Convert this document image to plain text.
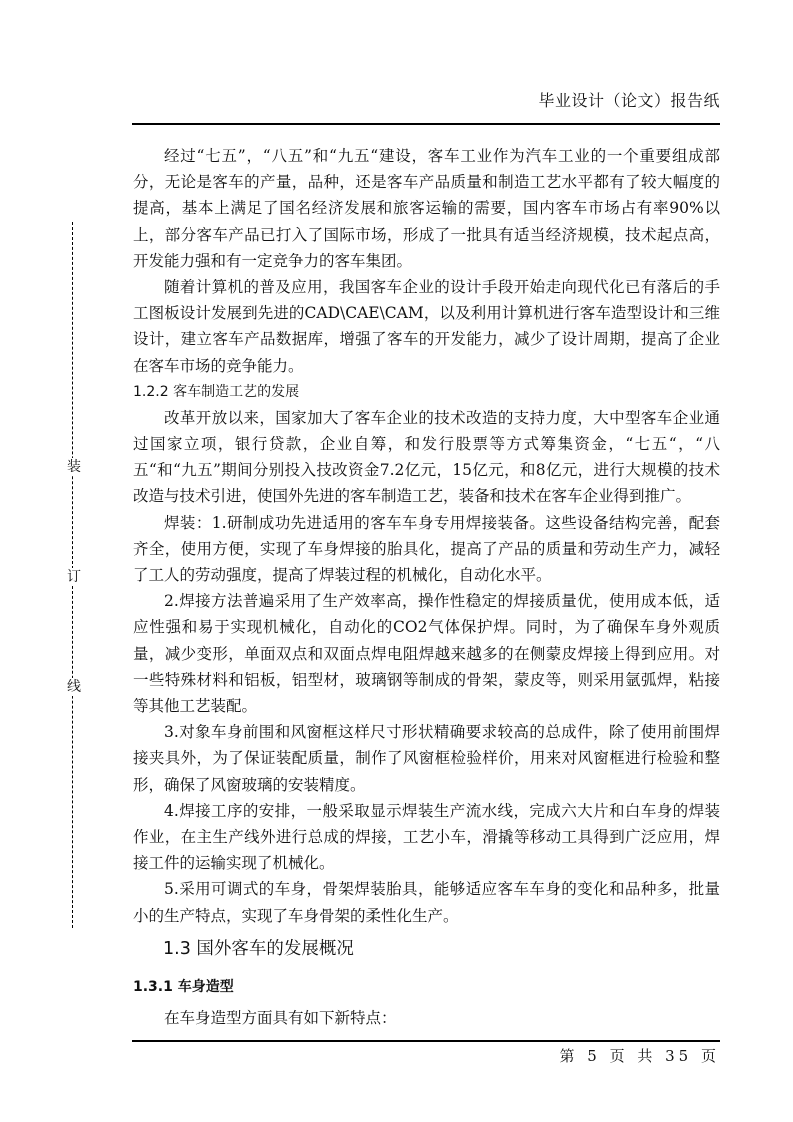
毕业设计（论文）报告纸
装
订
线

经过“七五”，“八五”和“九五“建设，客车工业作为汽车工业的一个重要组成部分，无论是客车的产量，品种，还是客车产品质量和制造工艺水平都有了较大幅度的提高，基本上满足了国名经济发展和旅客运输的需要，国内客车市场占有率90%以上，部分客车产品已打入了国际市场，形成了一批具有适当经济规模，技术起点高，开发能力强和有一定竞争力的客车集团。

随着计算机的普及应用，我国客车企业的设计手段开始走向现代化已有落后的手工图板设计发展到先进的CAD\CAE\CAM，以及利用计算机进行客车造型设计和三维设计，建立客车产品数据库，增强了客车的开发能力，减少了设计周期，提高了企业在客车市场的竞争能力。

1.2.2 客车制造工艺的发展

改革开放以来，国家加大了客车企业的技术改造的支持力度，大中型客车企业通过国家立项，银行贷款，企业自筹，和发行股票等方式筹集资金，“七五“，“八五“和“九五”期间分别投入技改资金7.2亿元，15亿元，和8亿元，进行大规模的技术改造与技术引进，使国外先进的客车制造工艺，装备和技术在客车企业得到推广。

焊装：1.研制成功先进适用的客车车身专用焊接装备。这些设备结构完善，配套齐全，使用方便，实现了车身焊接的胎具化，提高了产品的质量和劳动生产力，减轻了工人的劳动强度，提高了焊装过程的机械化，自动化水平。

2.焊接方法普遍采用了生产效率高，操作性稳定的焊接质量优，使用成本低，适应性强和易于实现机械化，自动化的CO2气体保护焊。同时，为了确保车身外观质量，减少变形，单面双点和双面点焊电阻焊越来越多的在侧蒙皮焊接上得到应用。对一些特殊材料和铝板，铝型材，玻璃钢等制成的骨架，蒙皮等，则采用氩弧焊，粘接等其他工艺装配。

3.对象车身前围和风窗框这样尺寸形状精确要求较高的总成件，除了使用前围焊接夹具外，为了保证装配质量，制作了风窗框检验样价，用来对风窗框进行检验和整形，确保了风窗玻璃的安装精度。

4.焊接工序的安排，一般采取显示焊装生产流水线，完成六大片和白车身的焊装作业，在主生产线外进行总成的焊接，工艺小车，滑撬等移动工具得到广泛应用，焊接工件的运输实现了机械化。

5.采用可调式的车身，骨架焊装胎具，能够适应客车车身的变化和品种多，批量小的生产特点，实现了车身骨架的柔性化生产。

1.3 国外客车的发展概况
1.3.1 车身造型

在车身造型方面具有如下新特点：

第 5 页 共 35 页
